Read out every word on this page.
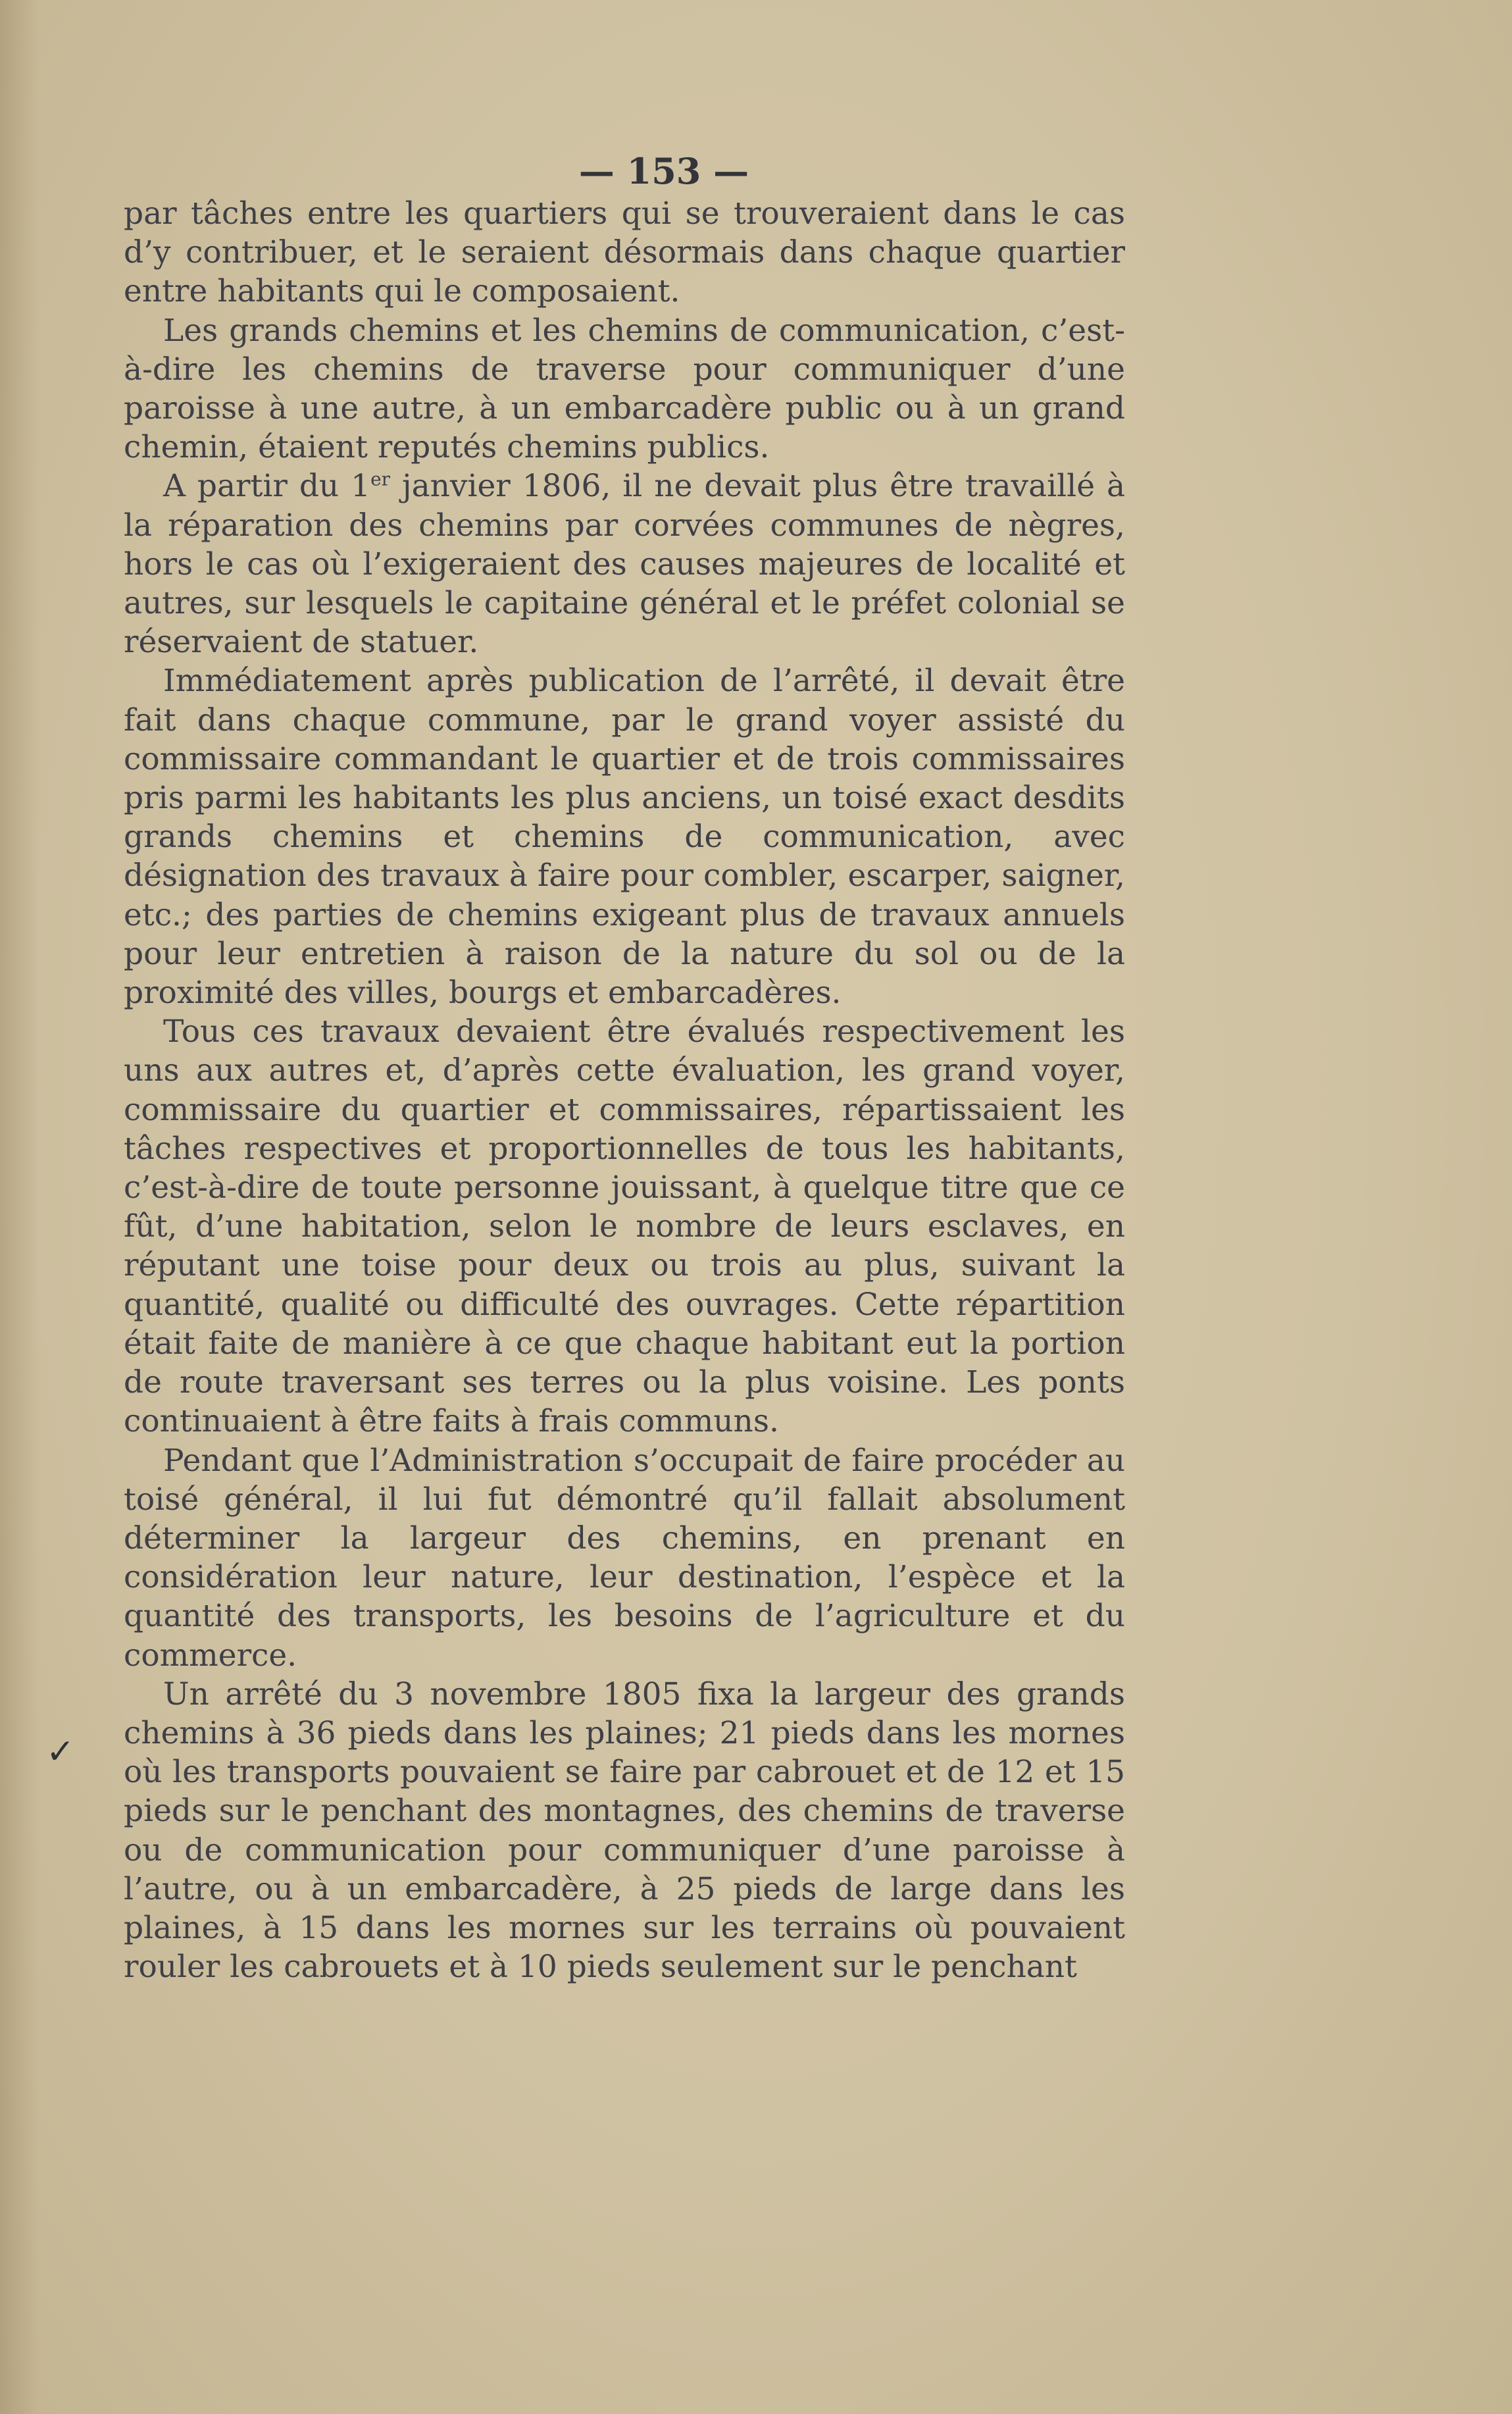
✓
— 153 —

par tâches entre les quartiers qui se trouveraient dans le cas d’y contribuer, et le seraient désormais dans chaque quartier entre habitants qui le composaient.

Les grands chemins et les chemins de communication, c’est-à-dire les chemins de traverse pour communiquer d’une paroisse à une autre, à un embarcadère public ou à un grand chemin, étaient reputés chemins publics.

A partir du 1er janvier 1806, il ne devait plus être travaillé à la réparation des chemins par corvées communes de nègres, hors le cas où l’exigeraient des causes majeures de localité et autres, sur lesquels le capitaine général et le préfet colonial se réservaient de statuer.

Immédiatement après publication de l’arrêté, il devait être fait dans chaque commune, par le grand voyer assisté du commissaire commandant le quartier et de trois commissaires pris parmi les habitants les plus anciens, un toisé exact desdits grands chemins et chemins de communication, avec désignation des travaux à faire pour combler, escarper, saigner, etc.; des parties de chemins exigeant plus de travaux annuels pour leur entretien à raison de la nature du sol ou de la proximité des villes, bourgs et embarcadères.

Tous ces travaux devaient être évalués respectivement les uns aux autres et, d’après cette évaluation, les grand voyer, commissaire du quartier et commissaires, répartissaient les tâches respectives et proportionnelles de tous les habitants, c’est-à-dire de toute personne jouissant, à quelque titre que ce fût, d’une habitation, selon le nombre de leurs esclaves, en réputant une toise pour deux ou trois au plus, suivant la quantité, qualité ou difficulté des ouvrages. Cette répartition était faite de manière à ce que chaque habitant eut la portion de route traversant ses terres ou la plus voisine. Les ponts continuaient à être faits à frais communs.

Pendant que l’Administration s’occupait de faire procéder au toisé général, il lui fut démontré qu’il fallait absolument déterminer la largeur des chemins, en prenant en considération leur nature, leur destination, l’espèce et la quantité des transports, les besoins de l’agriculture et du commerce.

Un arrêté du 3 novembre 1805 fixa la largeur des grands chemins à 36 pieds dans les plaines; 21 pieds dans les mornes où les transports pouvaient se faire par cabrouet et de 12 et 15 pieds sur le penchant des montagnes, des chemins de traverse ou de communication pour communiquer d’une paroisse à l’autre, ou à un embarcadère, à 25 pieds de large dans les plaines, à 15 dans les mornes sur les terrains où pouvaient rouler les cabrouets et à 10 pieds seulement sur le penchant
